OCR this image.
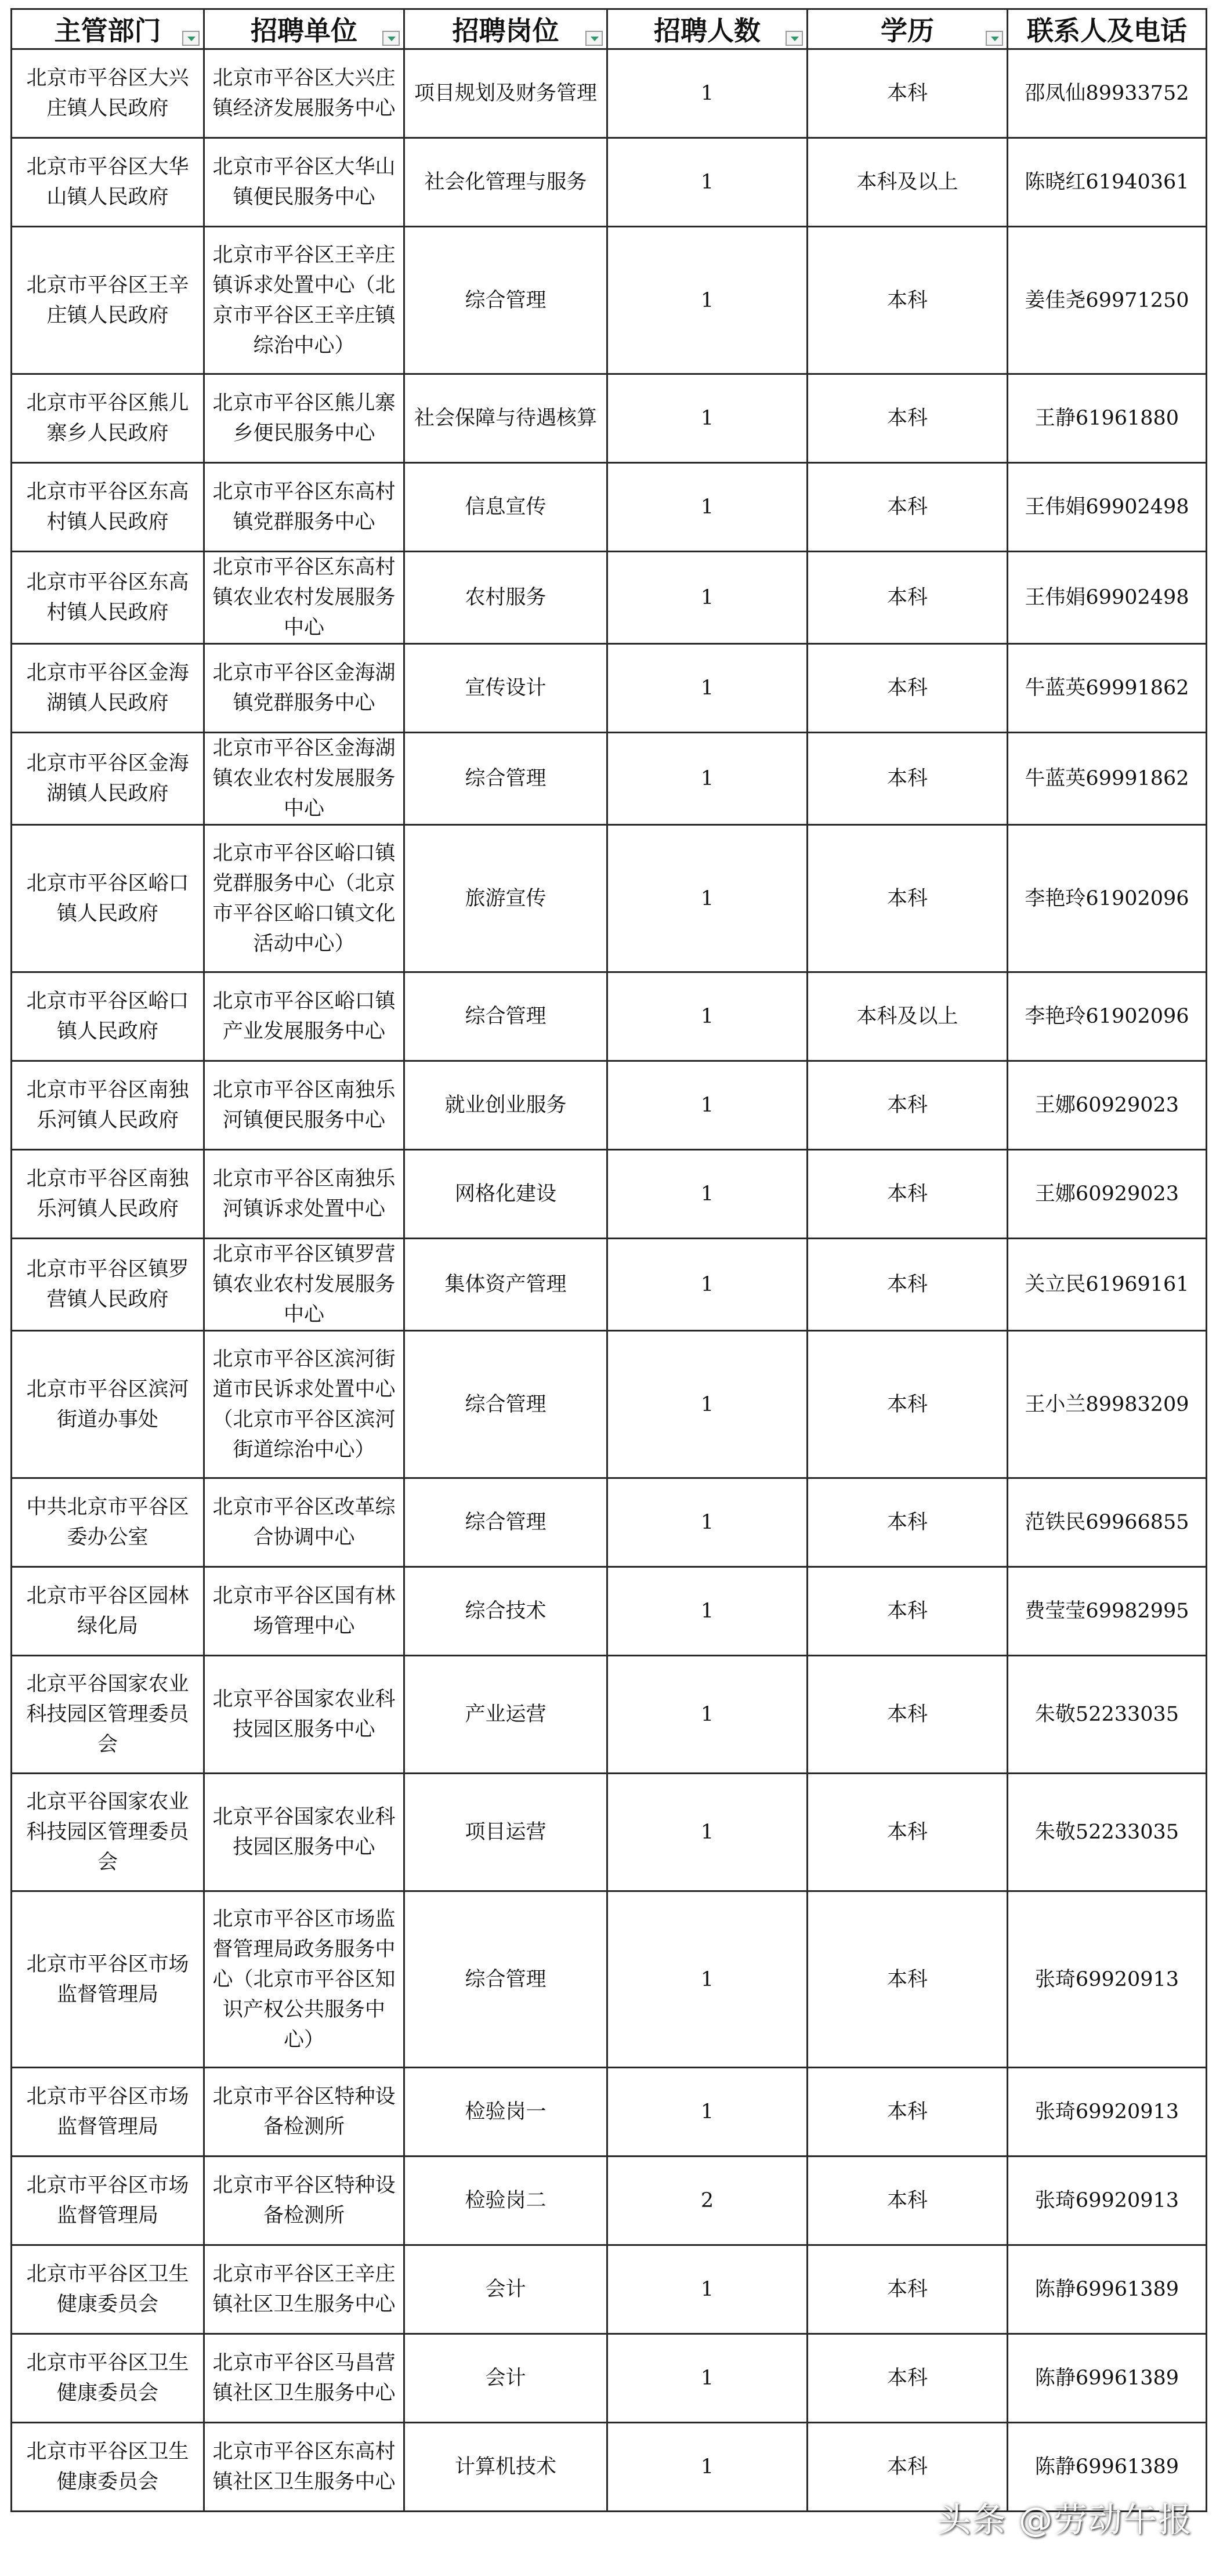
主管部门	招聘单位	招聘岗位	招聘人数	学历	联系人及电话
北京市平谷区大兴庄镇人民政府	北京市平谷区大兴庄镇经济发展服务中心	项目规划及财务管理	1	本科	邵凤仙89933752
北京市平谷区大华山镇人民政府	北京市平谷区大华山镇便民服务中心	社会化管理与服务	1	本科及以上	陈晓红61940361
北京市平谷区王辛庄镇人民政府	北京市平谷区王辛庄镇诉求处置中心（北京市平谷区王辛庄镇综治中心）	综合管理	1	本科	姜佳尧69971250
北京市平谷区熊儿寨乡人民政府	北京市平谷区熊儿寨乡便民服务中心	社会保障与待遇核算	1	本科	王静61961880
北京市平谷区东高村镇人民政府	北京市平谷区东高村镇党群服务中心	信息宣传	1	本科	王伟娟69902498
北京市平谷区东高村镇人民政府	北京市平谷区东高村镇农业农村发展服务中心	农村服务	1	本科	王伟娟69902498
北京市平谷区金海湖镇人民政府	北京市平谷区金海湖镇党群服务中心	宣传设计	1	本科	牛蓝英69991862
北京市平谷区金海湖镇人民政府	北京市平谷区金海湖镇农业农村发展服务中心	综合管理	1	本科	牛蓝英69991862
北京市平谷区峪口镇人民政府	北京市平谷区峪口镇党群服务中心（北京市平谷区峪口镇文化活动中心）	旅游宣传	1	本科	李艳玲61902096
北京市平谷区峪口镇人民政府	北京市平谷区峪口镇产业发展服务中心	综合管理	1	本科及以上	李艳玲61902096
北京市平谷区南独乐河镇人民政府	北京市平谷区南独乐河镇便民服务中心	就业创业服务	1	本科	王娜60929023
北京市平谷区南独乐河镇人民政府	北京市平谷区南独乐河镇诉求处置中心	网格化建设	1	本科	王娜60929023
北京市平谷区镇罗营镇人民政府	北京市平谷区镇罗营镇农业农村发展服务中心	集体资产管理	1	本科	关立民61969161
北京市平谷区滨河街道办事处	北京市平谷区滨河街道市民诉求处置中心（北京市平谷区滨河街道综治中心）	综合管理	1	本科	王小兰89983209
中共北京市平谷区委办公室	北京市平谷区改革综合协调中心	综合管理	1	本科	范铁民69966855
北京市平谷区园林绿化局	北京市平谷区国有林场管理中心	综合技术	1	本科	费莹莹69982995
北京平谷国家农业科技园区管理委员会	北京平谷国家农业科技园区服务中心	产业运营	1	本科	朱敬52233035
北京平谷国家农业科技园区管理委员会	北京平谷国家农业科技园区服务中心	项目运营	1	本科	朱敬52233035
北京市平谷区市场监督管理局	北京市平谷区市场监督管理局政务服务中心（北京市平谷区知识产权公共服务中心）	综合管理	1	本科	张琦69920913
北京市平谷区市场监督管理局	北京市平谷区特种设备检测所	检验岗一	1	本科	张琦69920913
北京市平谷区市场监督管理局	北京市平谷区特种设备检测所	检验岗二	2	本科	张琦69920913
北京市平谷区卫生健康委员会	北京市平谷区王辛庄镇社区卫生服务中心	会计	1	本科	陈静69961389
北京市平谷区卫生健康委员会	北京市平谷区马昌营镇社区卫生服务中心	会计	1	本科	陈静69961389
北京市平谷区卫生健康委员会	北京市平谷区东高村镇社区卫生服务中心	计算机技术	1	本科	陈静69961389
头条 @劳动午报
